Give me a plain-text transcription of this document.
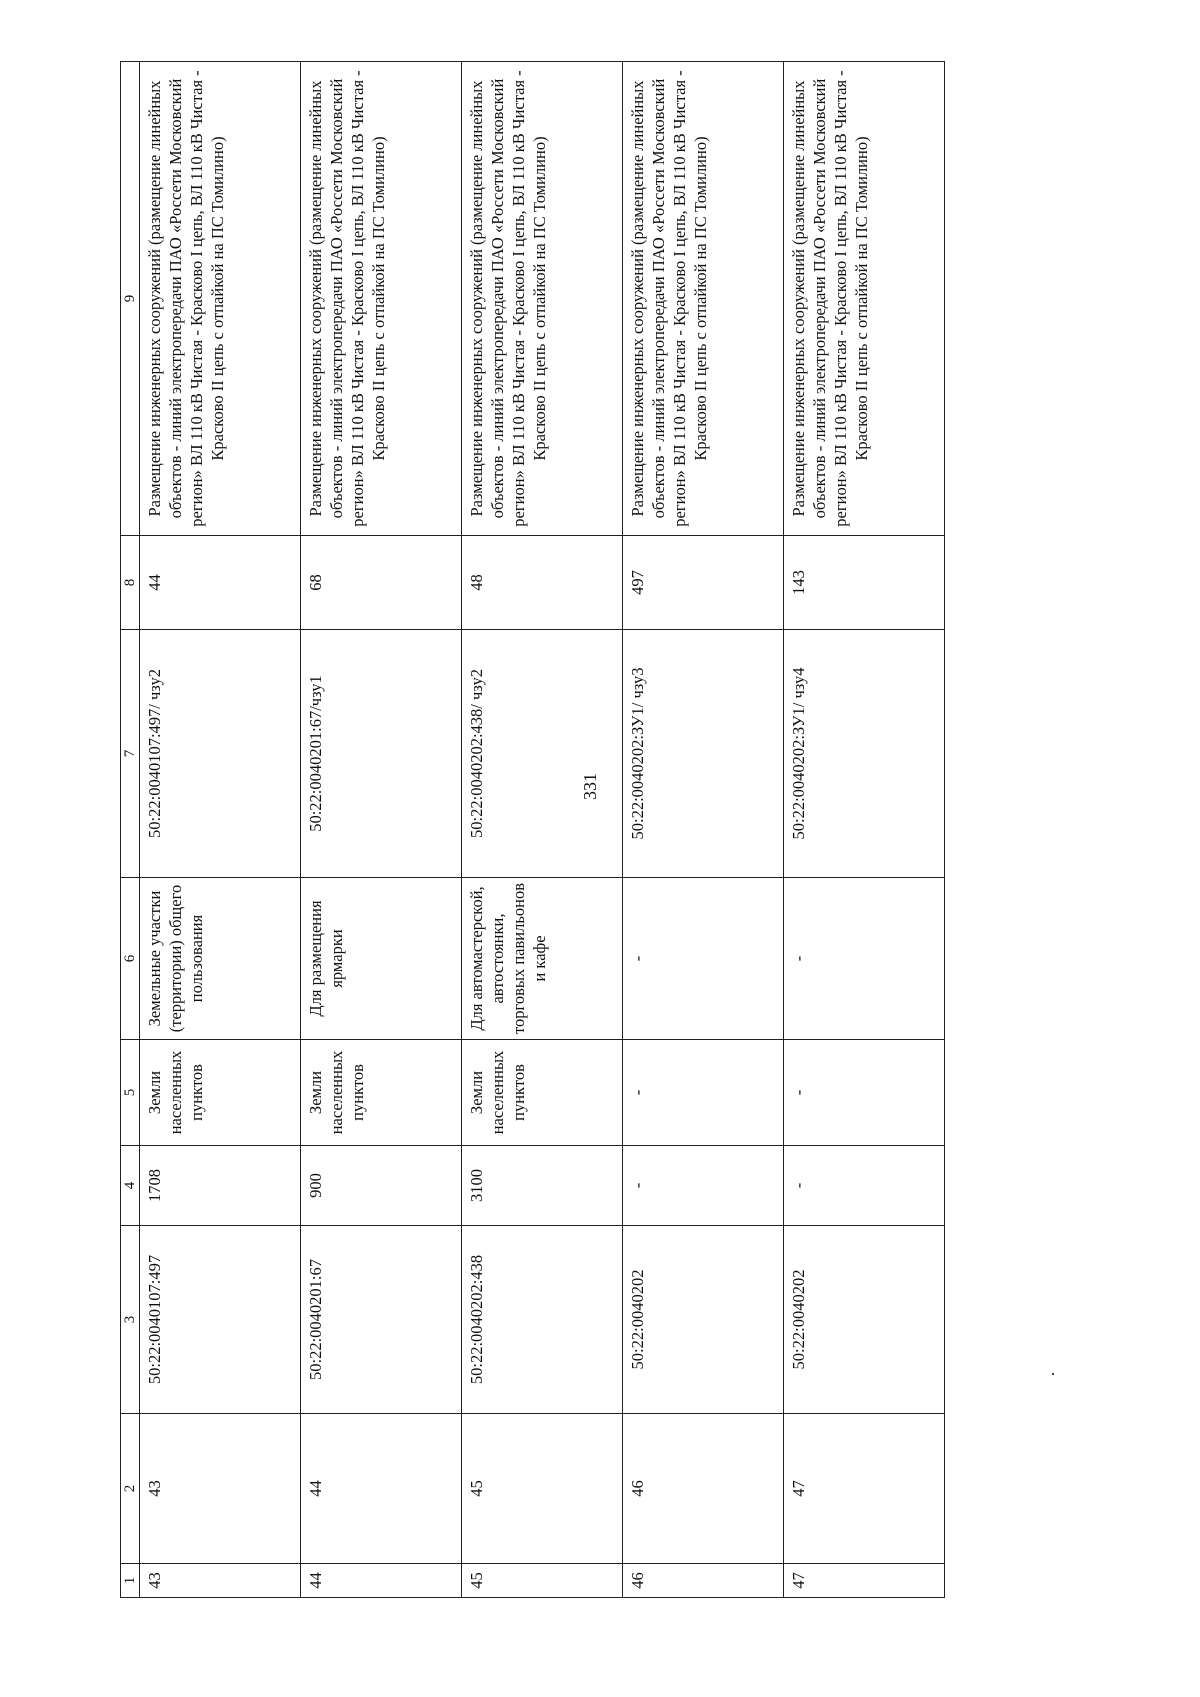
331
1	2	3	4	5	6	7	8	9
43	43	50:22:0040107:497	1708	Земли населенных пунктов	Земельные участки (территории) общего пользования	50:22:0040107:497/ чзу2	44	Размещение инженерных сооружений (размещение линейных объектов - линий электропередачи ПАО «Россети Московский регион» ВЛ 110 кВ Чистая - Красково I цепь, ВЛ 110 кВ Чистая - Красково II цепь с отпайкой на ПС Томилино)
44	44	50:22:0040201:67	900	Земли населенных пунктов	Для размещения ярмарки	50:22:0040201:67/чзу1	68	Размещение инженерных сооружений (размещение линейных объектов - линий электропередачи ПАО «Россети Московский регион» ВЛ 110 кВ Чистая - Красково I цепь, ВЛ 110 кВ Чистая - Красково II цепь с отпайкой на ПС Томилино)
45	45	50:22:0040202:438	3100	Земли населенных пунктов	Для автомастерской, автостоянки, торговых павильонов и кафе	50:22:0040202:438/ чзу2	48	Размещение инженерных сооружений (размещение линейных объектов - линий электропередачи ПАО «Россети Московский регион» ВЛ 110 кВ Чистая - Красково I цепь, ВЛ 110 кВ Чистая - Красково II цепь с отпайкой на ПС Томилино)
46	46	50:22:0040202	-	-	-	50:22:0040202:ЗУ1/ чзу3	497	Размещение инженерных сооружений (размещение линейных объектов - линий электропередачи ПАО «Россети Московский регион» ВЛ 110 кВ Чистая - Красково I цепь, ВЛ 110 кВ Чистая - Красково II цепь с отпайкой на ПС Томилино)
47	47	50:22:0040202	-	-	-	50:22:0040202:ЗУ1/ чзу4	143	Размещение инженерных сооружений (размещение линейных объектов - линий электропередачи ПАО «Россети Московский регион» ВЛ 110 кВ Чистая - Красково I цепь, ВЛ 110 кВ Чистая - Красково II цепь с отпайкой на ПС Томилино)
